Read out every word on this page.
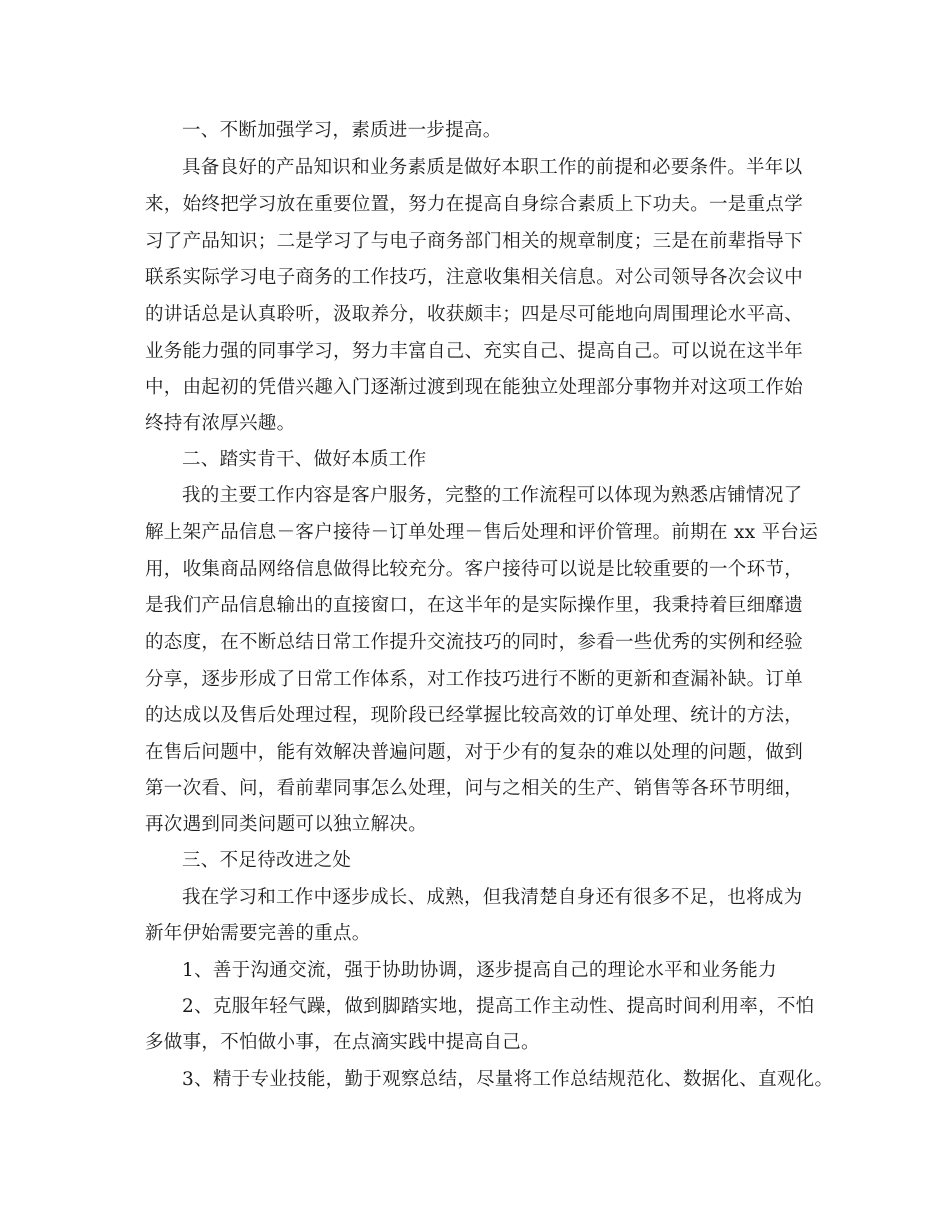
一、不断加强学习，素质进一步提高。
具备良好的产品知识和业务素质是做好本职工作的前提和必要条件。半年以
来，始终把学习放在重要位置，努力在提高自身综合素质上下功夫。一是重点学
习了产品知识；二是学习了与电子商务部门相关的规章制度；三是在前辈指导下
联系实际学习电子商务的工作技巧，注意收集相关信息。对公司领导各次会议中
的讲话总是认真聆听，汲取养分，收获颇丰；四是尽可能地向周围理论水平高、
业务能力强的同事学习，努力丰富自己、充实自己、提高自己。可以说在这半年
中，由起初的凭借兴趣入门逐渐过渡到现在能独立处理部分事物并对这项工作始
终持有浓厚兴趣。
二、踏实肯干、做好本质工作
我的主要工作内容是客户服务，完整的工作流程可以体现为熟悉店铺情况了
解上架产品信息－客户接待－订单处理－售后处理和评价管理。前期在 xx 平台运
用，收集商品网络信息做得比较充分。客户接待可以说是比较重要的一个环节，
是我们产品信息输出的直接窗口，在这半年的是实际操作里，我秉持着巨细靡遗
的态度，在不断总结日常工作提升交流技巧的同时，参看一些优秀的实例和经验
分享，逐步形成了日常工作体系，对工作技巧进行不断的更新和查漏补缺。订单
的达成以及售后处理过程，现阶段已经掌握比较高效的订单处理、统计的方法，
在售后问题中，能有效解决普遍问题，对于少有的复杂的难以处理的问题，做到
第一次看、问，看前辈同事怎么处理，问与之相关的生产、销售等各环节明细，
再次遇到同类问题可以独立解决。
三、不足待改进之处
我在学习和工作中逐步成长、成熟，但我清楚自身还有很多不足，也将成为
新年伊始需要完善的重点。
1、善于沟通交流，强于协助协调，逐步提高自己的理论水平和业务能力
2、克服年轻气躁，做到脚踏实地，提高工作主动性、提高时间利用率，不怕
多做事，不怕做小事，在点滴实践中提高自己。
3、精于专业技能，勤于观察总结，尽量将工作总结规范化、数据化、直观化。
